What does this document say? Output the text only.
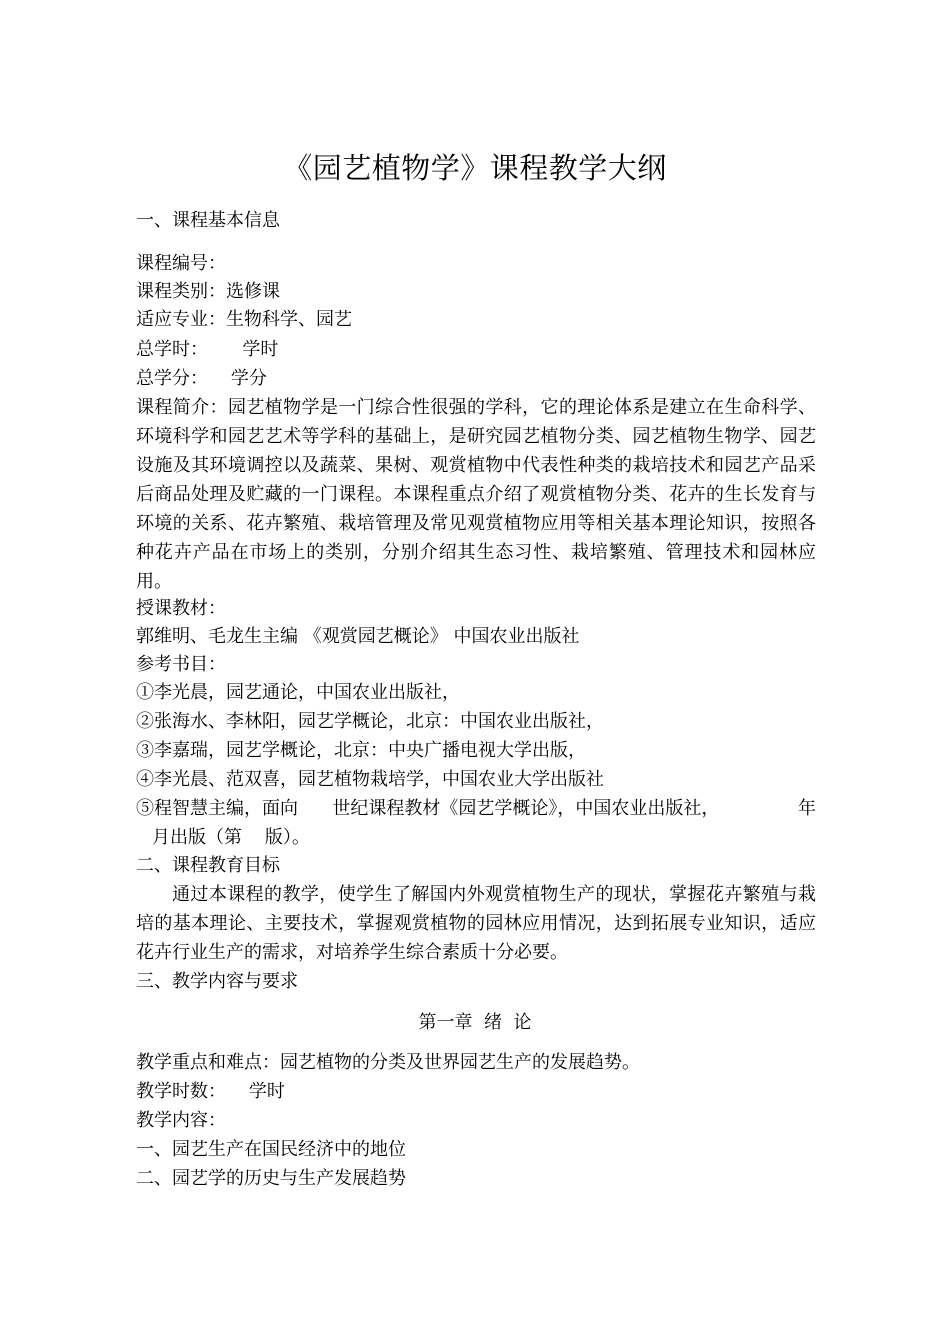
《园艺植物学》课程教学大纲
一、课程基本信息
课程编号：
课程类别：选修课
适应专业：生物科学、园艺
总学时：      学时
总学分：    学分
课程简介：园艺植物学是一门综合性很强的学科，它的理论体系是建立在生命科学、环境科学和园艺艺术等学科的基础上，是研究园艺植物分类、园艺植物生物学、园艺设施及其环境调控以及蔬菜、果树、观赏植物中代表性种类的栽培技术和园艺产品采后商品处理及贮藏的一门课程。本课程重点介绍了观赏植物分类、花卉的生长发育与环境的关系、花卉繁殖、栽培管理及常见观赏植物应用等相关基本理论知识，按照各种花卉产品在市场上的类别，分别介绍其生态习性、栽培繁殖、管理技术和园林应用。
授课教材：
郭维明、毛龙生主编 《观赏园艺概论》 中国农业出版社
参考书目：
①李光晨，园艺通论，中国农业出版社，
②张海水、李林阳，园艺学概论，北京：中国农业出版社，
③李嘉瑞，园艺学概论，北京：中央广播电视大学出版，
④李光晨、范双喜，园艺植物栽培学，中国农业大学出版社
⑤程智慧主编，面向      世纪课程教材《园艺学概论》，中国农业出版社，	年
月出版（第    版）。
二、课程教育目标
通过本课程的教学，使学生了解国内外观赏植物生产的现状，掌握花卉繁殖与栽培的基本理论、主要技术，掌握观赏植物的园林应用情况，达到拓展专业知识，适应花卉行业生产的需求，对培养学生综合素质十分必要。
三、教学内容与要求
第一章  绪  论
教学重点和难点：园艺植物的分类及世界园艺生产的发展趋势。
教学时数：    学时
教学内容：
一、园艺生产在国民经济中的地位
二、园艺学的历史与生产发展趋势
